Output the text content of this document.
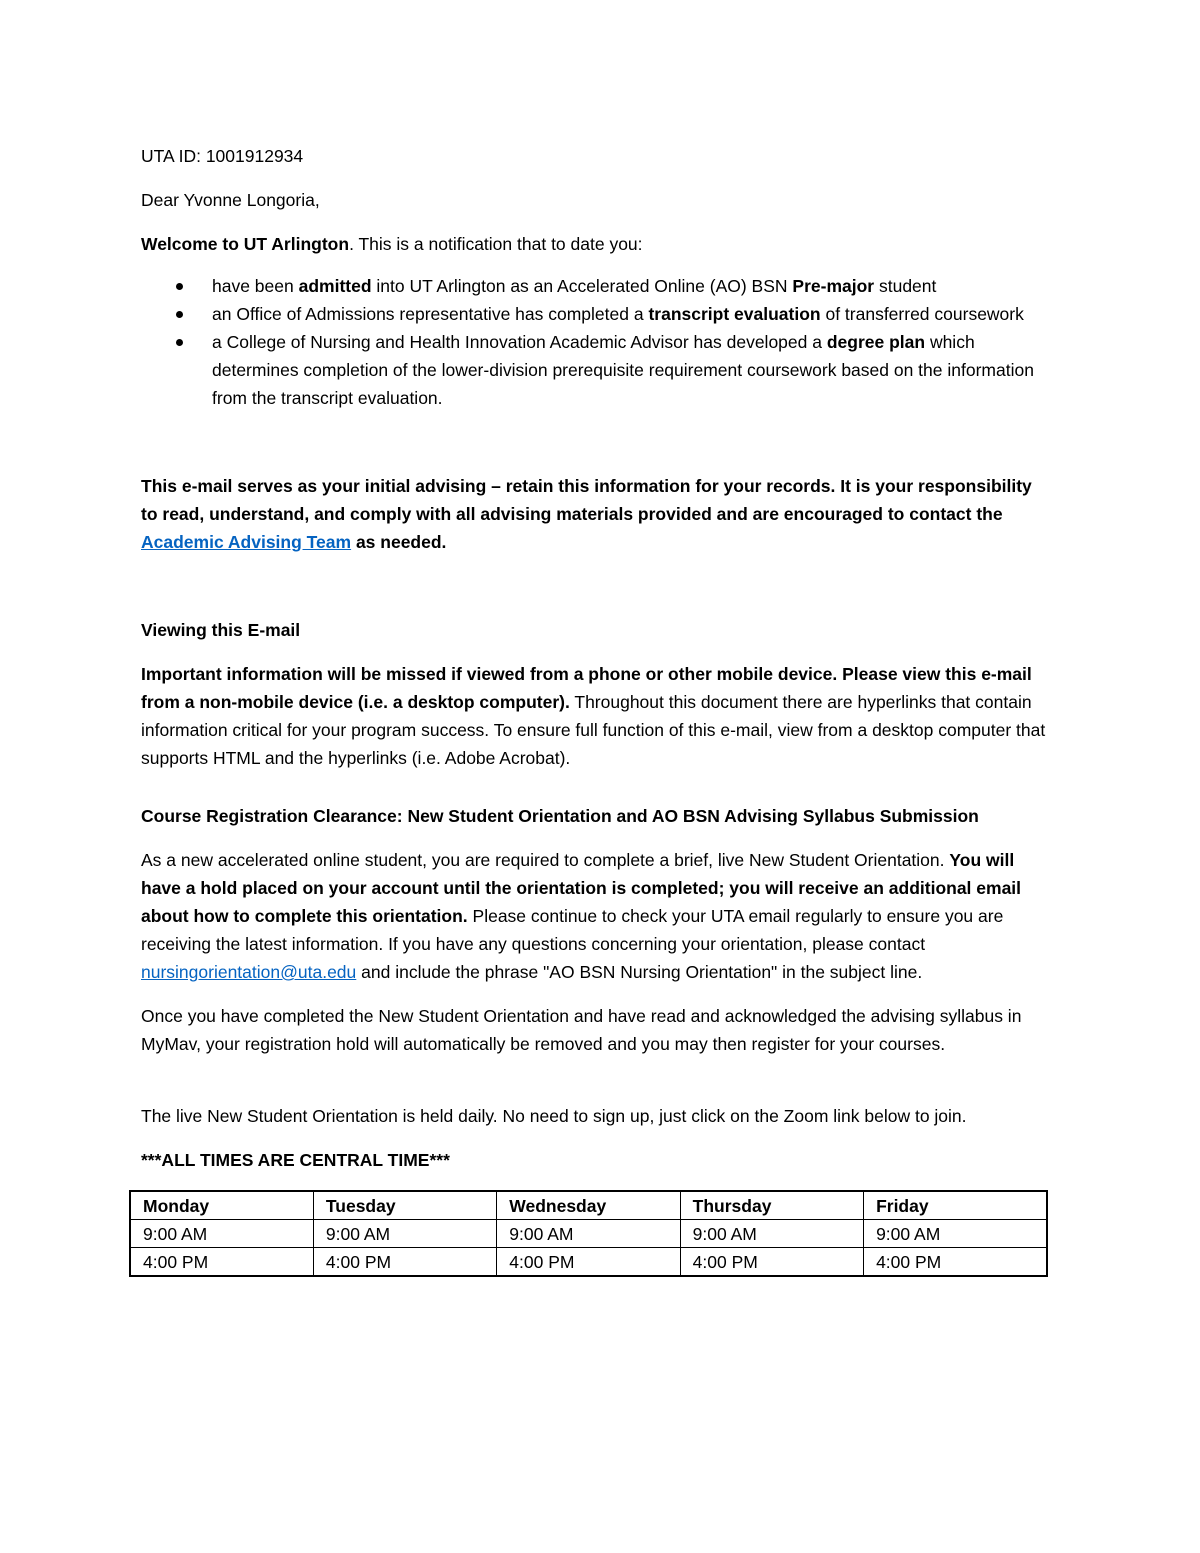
UTA ID: 1001912934

Dear Yvonne Longoria,

Welcome to UT Arlington. This is a notification that to date you:

have been admitted into UT Arlington as an Accelerated Online (AO) BSN Pre-major student
an Office of Admissions representative has completed a transcript evaluation of transferred coursework
a College of Nursing and Health Innovation Academic Advisor has developed a degree plan which determines completion of the lower-division prerequisite requirement coursework based on the information from the transcript evaluation.

This e-mail serves as your initial advising – retain this information for your records. It is your responsibility to read, understand, and comply with all advising materials provided and are encouraged to contact the Academic Advising Team as needed.

Viewing this E-mail

Important information will be missed if viewed from a phone or other mobile device. Please view this e-mail from a non-mobile device (i.e. a desktop computer). Throughout this document there are hyperlinks that contain information critical for your program success. To ensure full function of this e-mail, view from a desktop computer that supports HTML and the hyperlinks (i.e. Adobe Acrobat).

Course Registration Clearance: New Student Orientation and AO BSN Advising Syllabus Submission

As a new accelerated online student, you are required to complete a brief, live New Student Orientation. You will have a hold placed on your account until the orientation is completed; you will receive an additional email about how to complete this orientation. Please continue to check your UTA email regularly to ensure you are receiving the latest information. If you have any questions concerning your orientation, please contact nursingorientation@uta.edu and include the phrase "AO BSN Nursing Orientation" in the subject line.

Once you have completed the New Student Orientation and have read and acknowledged the advising syllabus in MyMav, your registration hold will automatically be removed and you may then register for your courses.

The live New Student Orientation is held daily. No need to sign up, just click on the Zoom link below to join.

***ALL TIMES ARE CENTRAL TIME***

Monday	Tuesday	Wednesday	Thursday	Friday
9:00 AM	9:00 AM	9:00 AM	9:00 AM	9:00 AM
4:00 PM	4:00 PM	4:00 PM	4:00 PM	4:00 PM
